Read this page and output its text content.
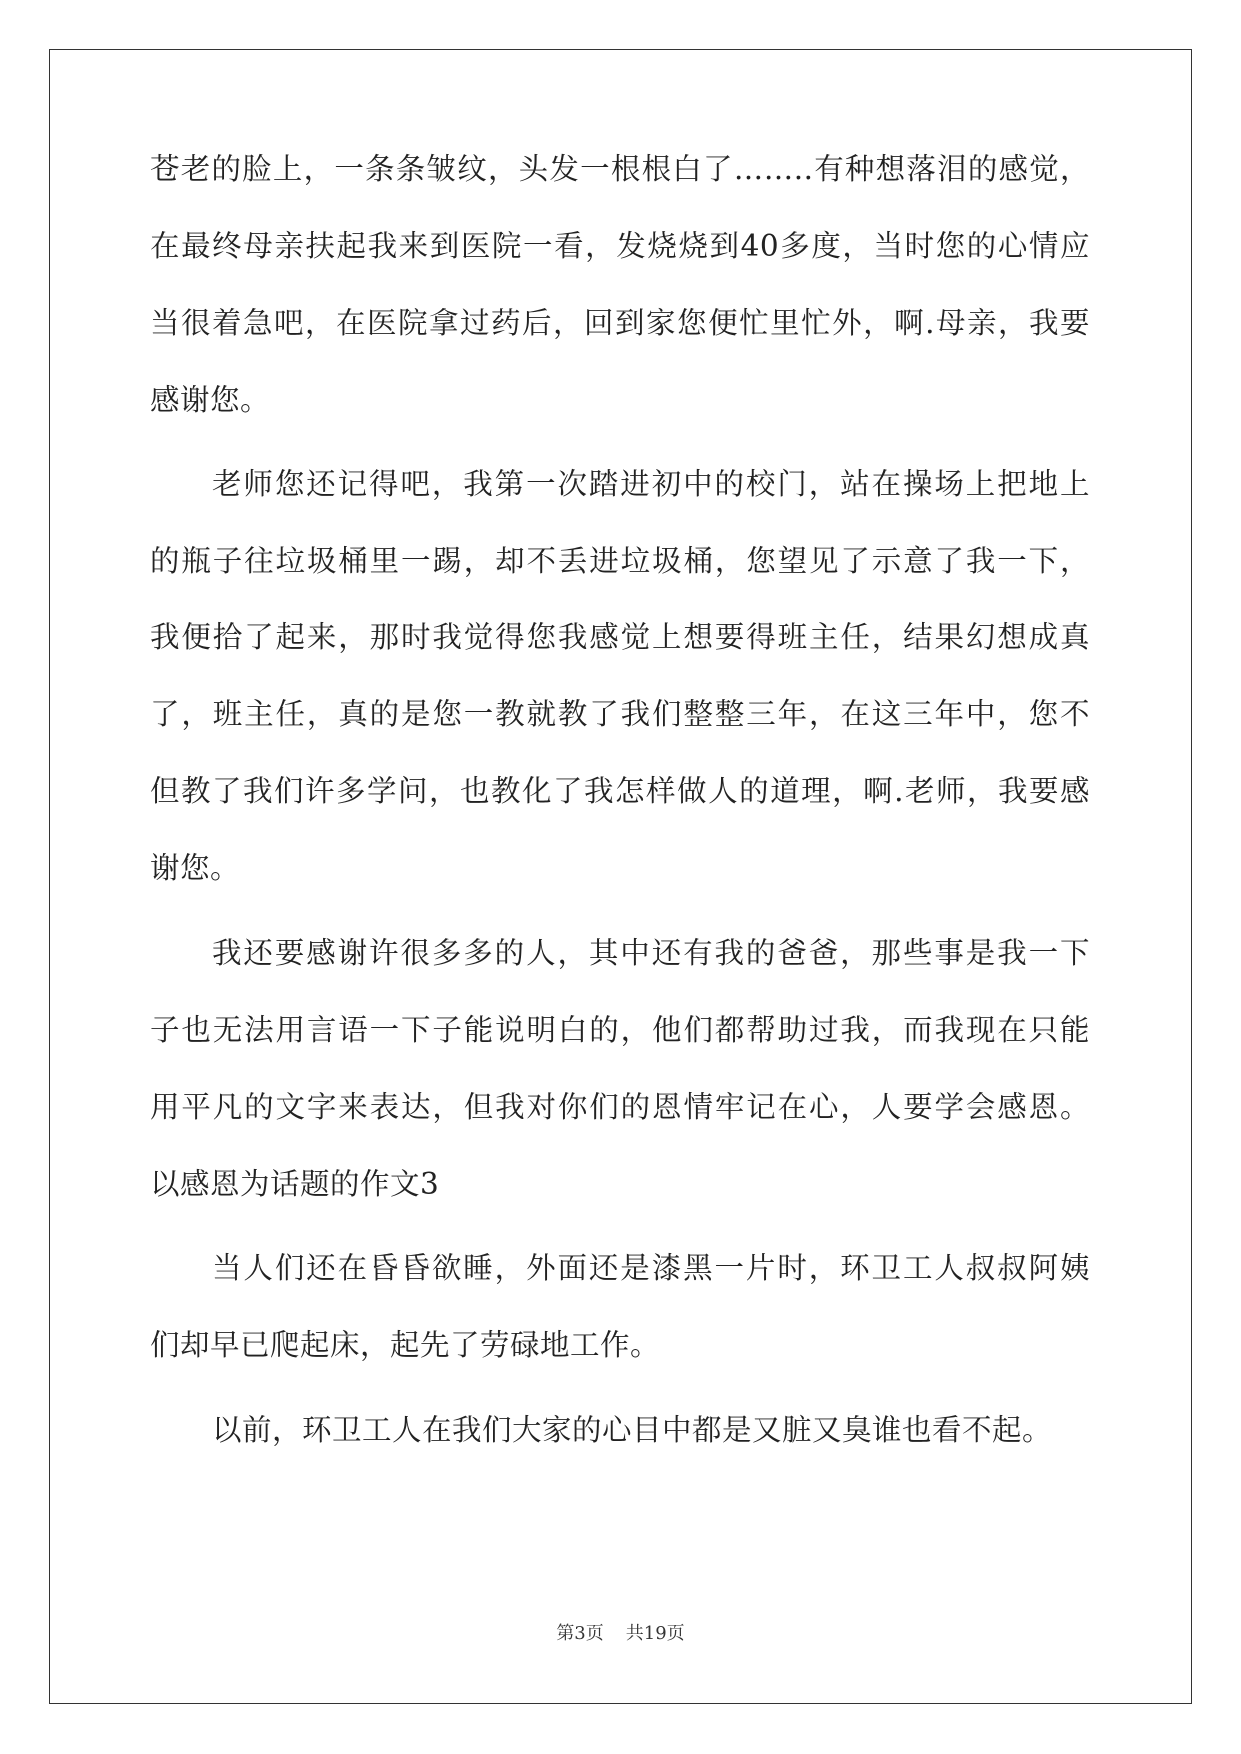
苍老的脸上，一条条皱纹，头发一根根白了……..有种想落泪的感觉，
在最终母亲扶起我来到医院一看，发烧烧到40多度，当时您的心情应
当很着急吧，在医院拿过药后，回到家您便忙里忙外，啊.母亲，我要
感谢您。
老师您还记得吧，我第一次踏进初中的校门，站在操场上把地上
的瓶子往垃圾桶里一踢，却不丢进垃圾桶，您望见了示意了我一下，
我便拾了起来，那时我觉得您我感觉上想要得班主任，结果幻想成真
了，班主任，真的是您一教就教了我们整整三年，在这三年中，您不
但教了我们许多学问，也教化了我怎样做人的道理，啊.老师，我要感
谢您。
我还要感谢许很多多的人，其中还有我的爸爸，那些事是我一下
子也无法用言语一下子能说明白的，他们都帮助过我，而我现在只能
用平凡的文字来表达，但我对你们的恩情牢记在心，人要学会感恩。
以感恩为话题的作文3
当人们还在昏昏欲睡，外面还是漆黑一片时，环卫工人叔叔阿姨
们却早已爬起床，起先了劳碌地工作。
以前，环卫工人在我们大家的心目中都是又脏又臭谁也看不起。
第3页 共19页
